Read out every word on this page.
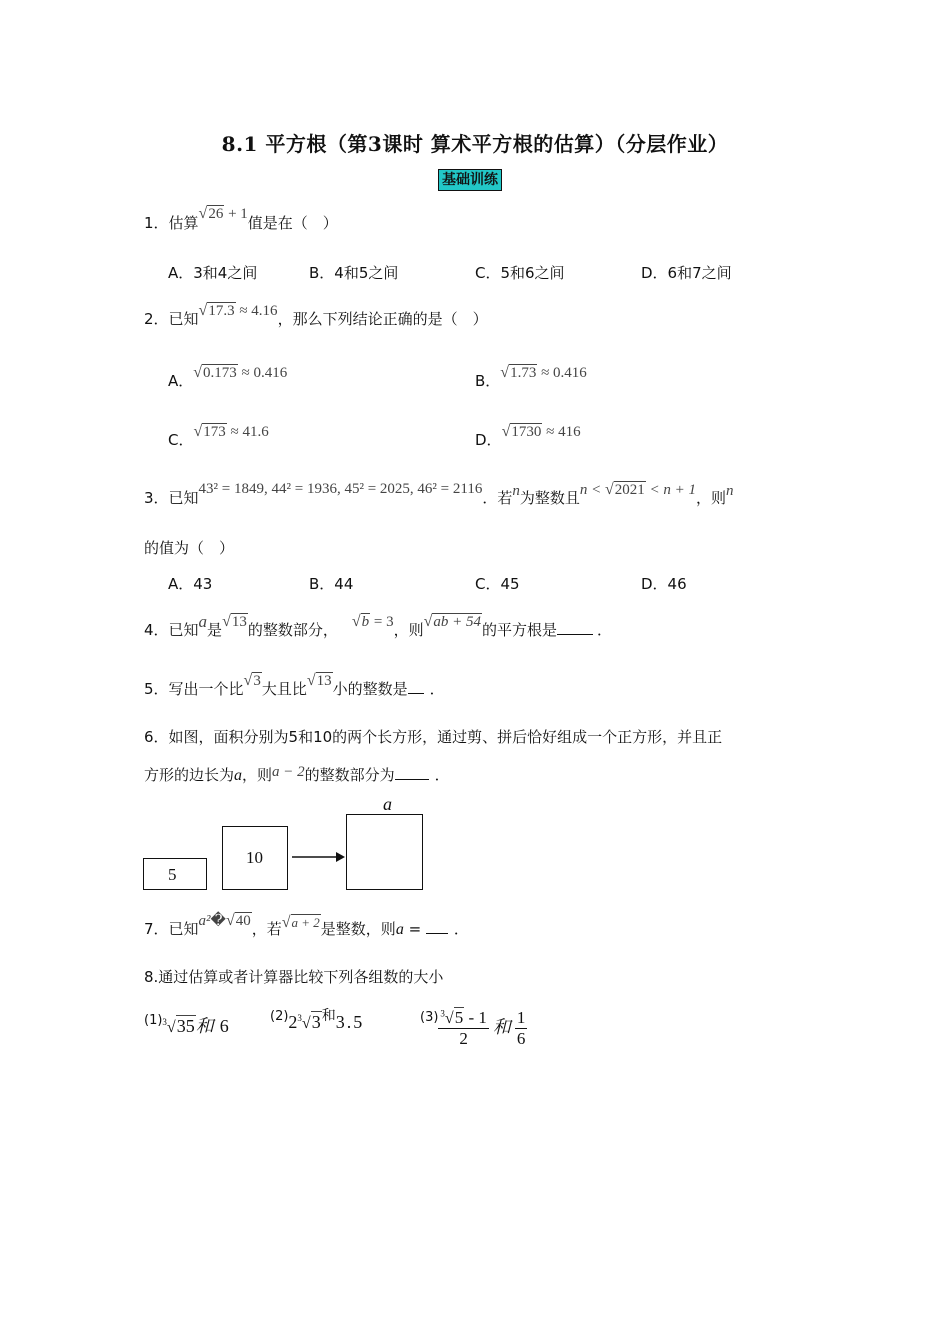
8.1 平方根（第3课时 算术平方根的估算）（分层作业）
基础训练
1．估算√26 + 1值是在（　）
A．3和4之间	B．4和5之间	C．5和6之间	D．6和7之间
2．已知√17.3 ≈ 4.16，那么下列结论正确的是（　）
A．√0.173 ≈ 0.416	B．√1.73 ≈ 0.416
C．√173 ≈ 41.6	D．√1730 ≈ 416
3．已知43² = 1849, 44² = 1936, 45² = 2025, 46² = 2116．若n为整数且n < √2021 < n + 1，则n
的值为（　）
A．43	B．44	C．45	D．46
4．已知a是√13的整数部分， √b = 3，则√ab + 54的平方根是	．
5．写出一个比√3大且比√13小的整数是 ．
6．如图，面积分别为5和10的两个长方形，通过剪、拼后恰好组成一个正方形，并且正
方形的边长为a，则a − 2的整数部分为	．
5
10
a
7．已知a²�√40，若√a + 2是整数，则a = ．
8.通过估算或者计算器比较下列各组数的大小
$(1)^3√35$和 6	$(2)2^3√3^和3.5$	$(3) \frac{^3√5 - 1}{2}$ 和 $\frac{1}{6}$
